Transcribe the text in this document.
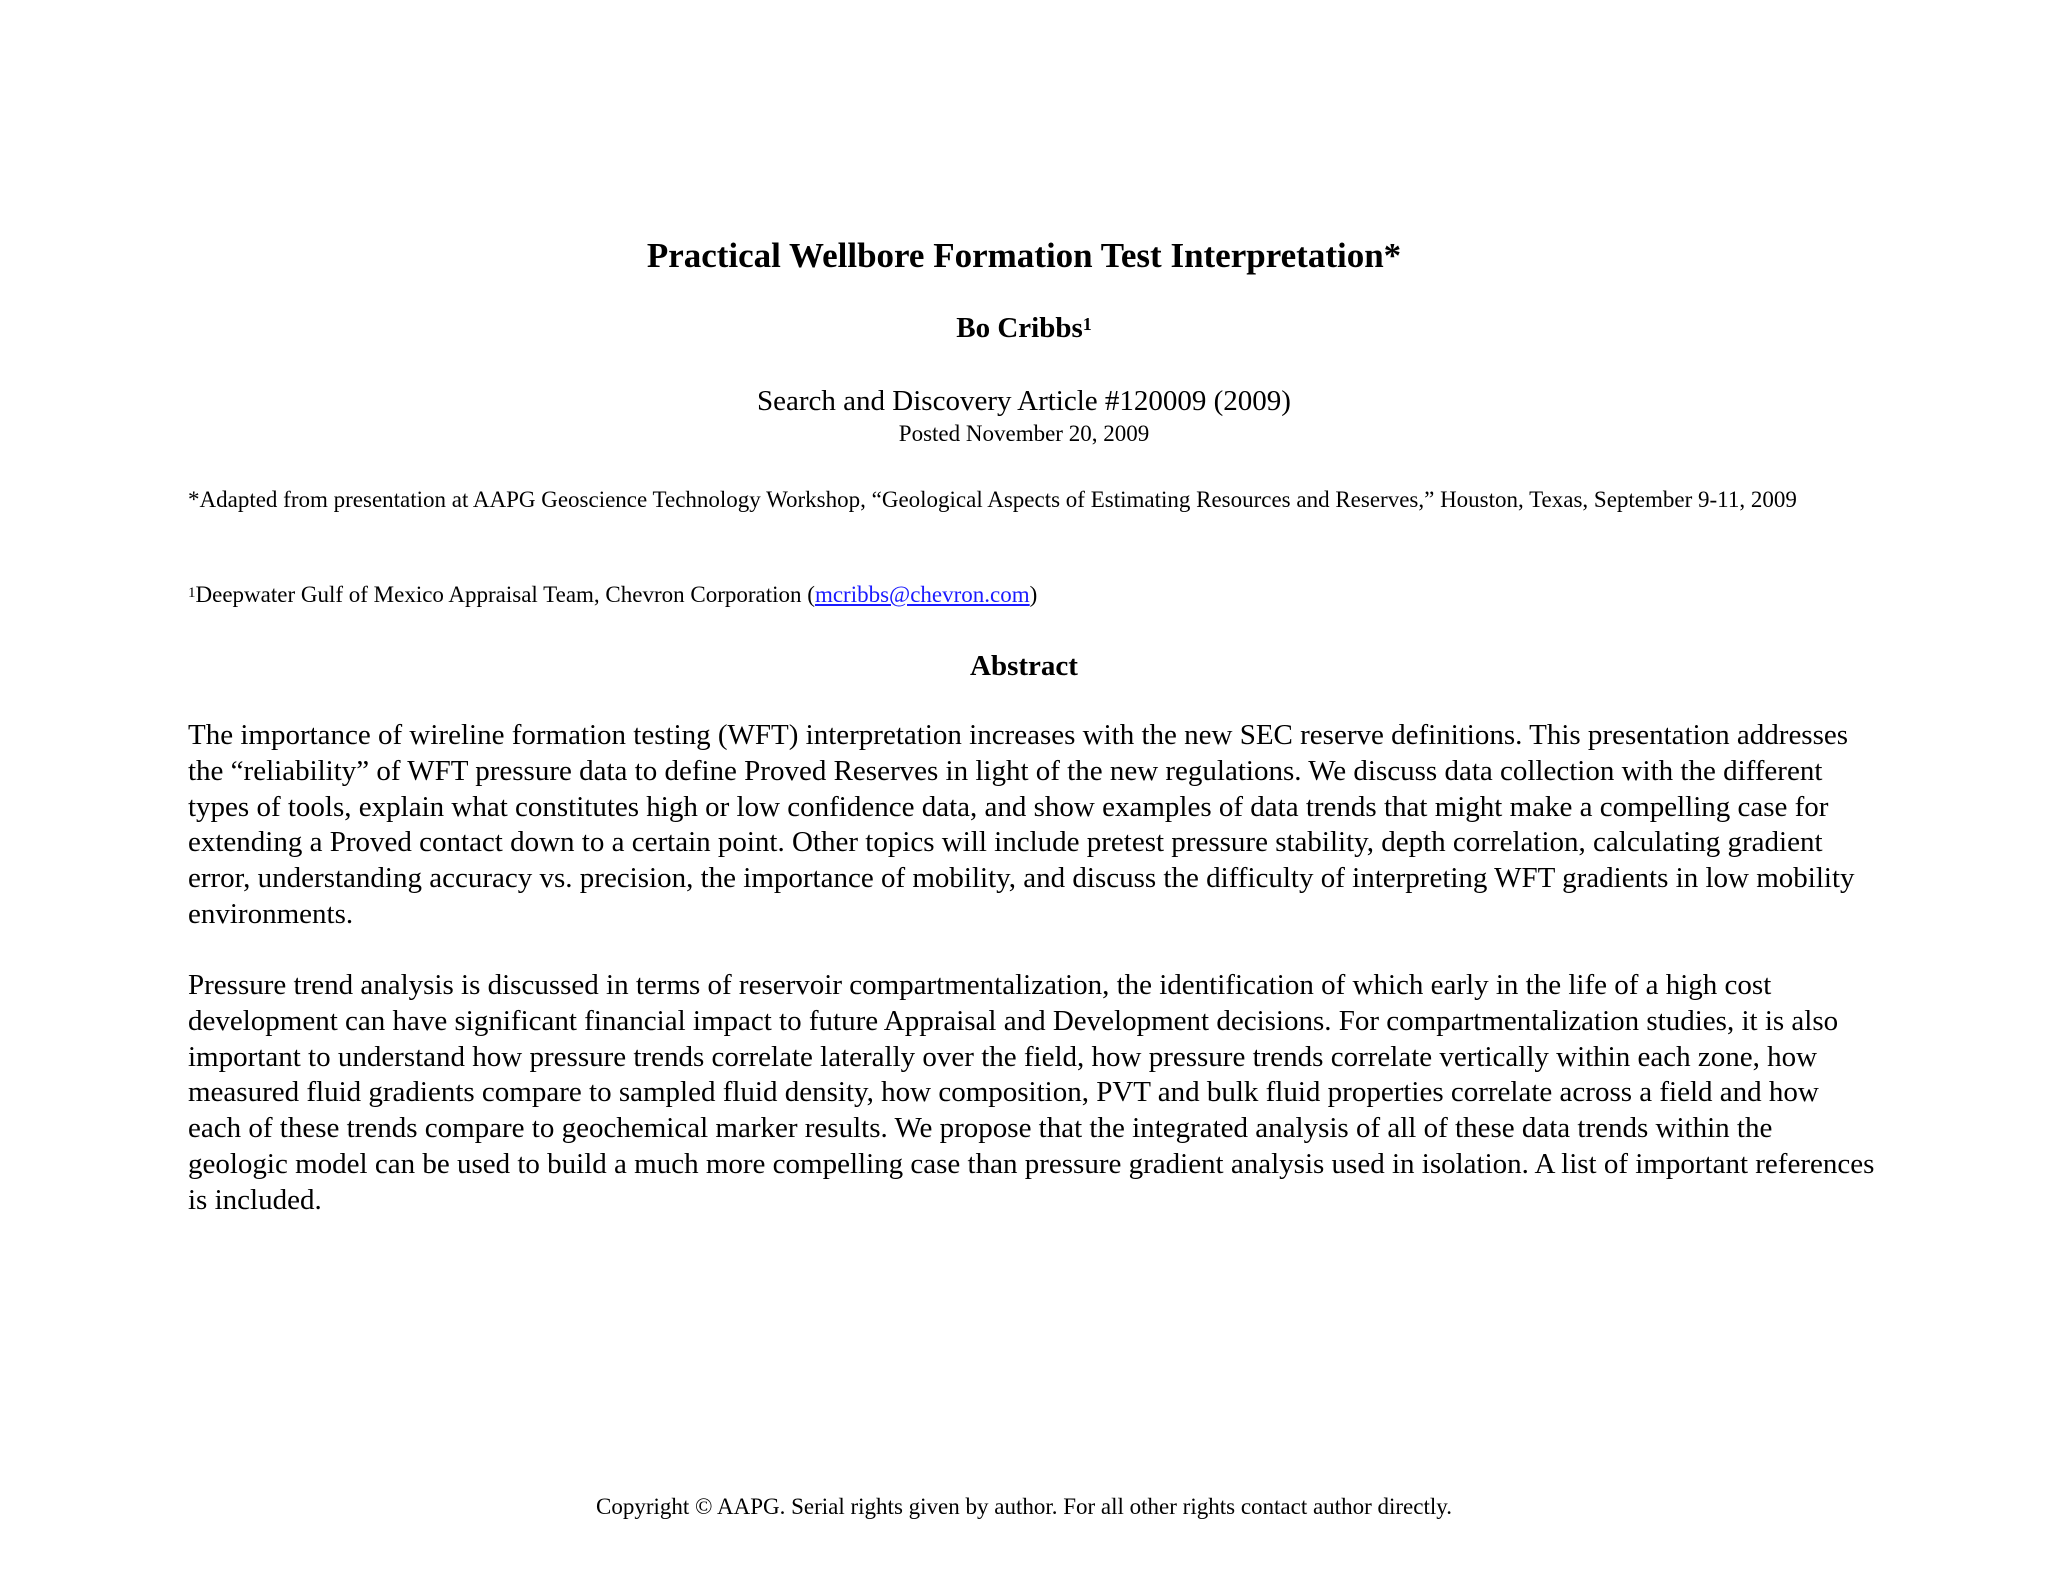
Practical Wellbore Formation Test Interpretation*
Bo Cribbs$^1$
Search and Discovery Article #120009 (2009)
Posted November 20, 2009
*Adapted from presentation at AAPG Geoscience Technology Workshop, “Geological Aspects of Estimating Resources and Reserves,” Houston, Texas, September 9-11, 2009
$^1$Deepwater Gulf of Mexico Appraisal Team, Chevron Corporation (mcribbs@chevron.com)
Abstract

The importance of wireline formation testing (WFT) interpretation increases with the new SEC reserve definitions. This presentation addresses the “reliability” of WFT pressure data to define Proved Reserves in light of the new regulations. We discuss data collection with the different types of tools, explain what constitutes high or low confidence data, and show examples of data trends that might make a compelling case for extending a Proved contact down to a certain point. Other topics will include pretest pressure stability, depth correlation, calculating gradient error, understanding accuracy vs. precision, the importance of mobility, and discuss the difficulty of interpreting WFT gradients in low mobility environments.

Pressure trend analysis is discussed in terms of reservoir compartmentalization, the identification of which early in the life of a high cost development can have significant financial impact to future Appraisal and Development decisions. For compartmentalization studies, it is also important to understand how pressure trends correlate laterally over the field, how pressure trends correlate vertically within each zone, how measured fluid gradients compare to sampled fluid density, how composition, PVT and bulk fluid properties correlate across a field and how each of these trends compare to geochemical marker results. We propose that the integrated analysis of all of these data trends within the geologic model can be used to build a much more compelling case than pressure gradient analysis used in isolation. A list of important references is included.

Copyright © AAPG. Serial rights given by author. For all other rights contact author directly.
